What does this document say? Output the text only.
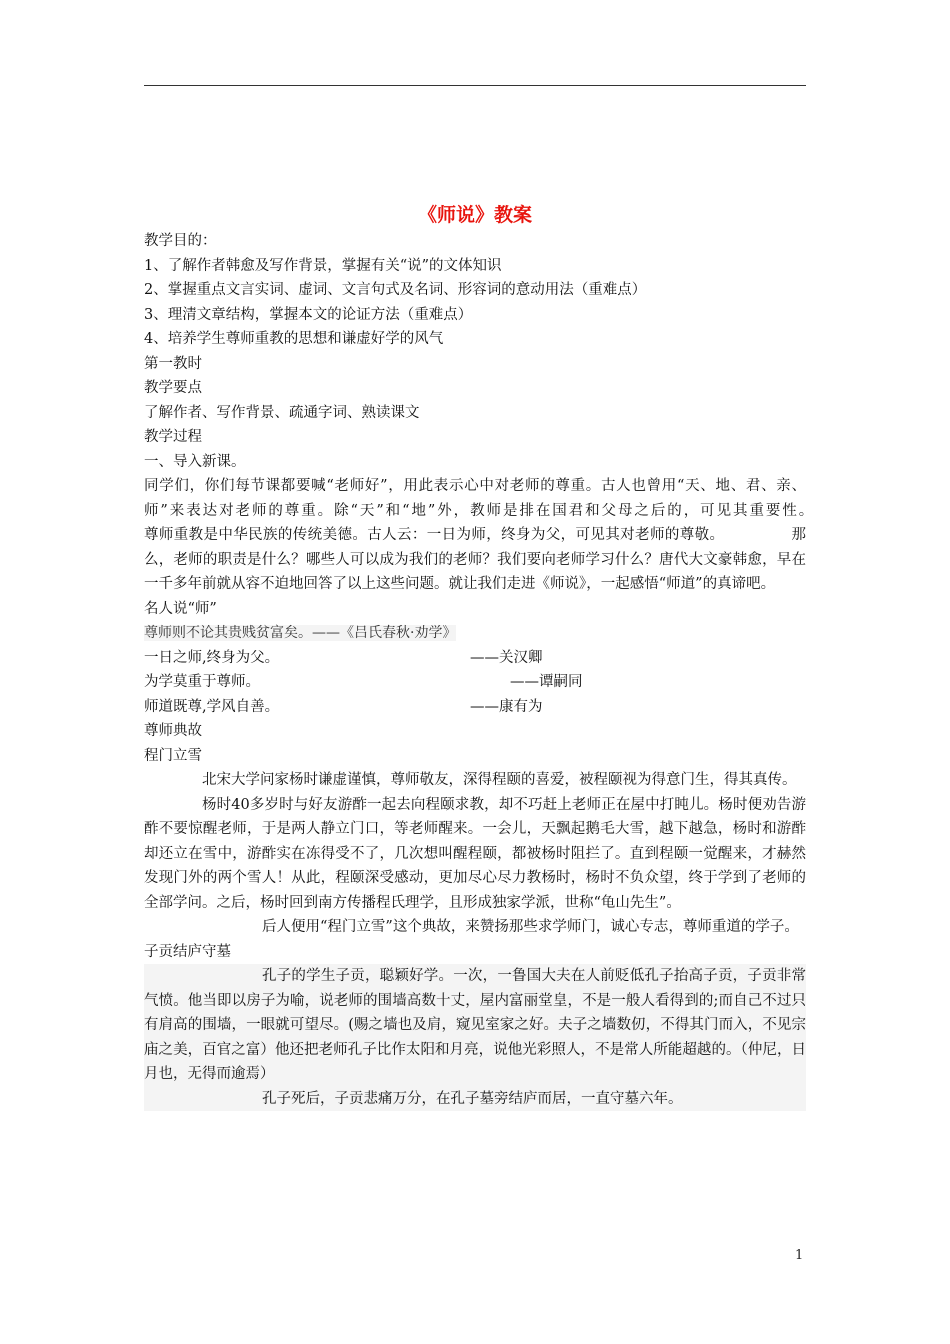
《师说》教案
教学目的：
1、了解作者韩愈及写作背景，掌握有关“说”的文体知识
2、掌握重点文言实词、虚词、文言句式及名词、形容词的意动用法（重难点）
3、理清文章结构，掌握本文的论证方法（重难点）
4、培养学生尊师重教的思想和谦虚好学的风气
第一教时
教学要点
了解作者、写作背景、疏通字词、熟读课文
教学过程
一、导入新课。
同学们，你们每节课都要喊“老师好”，用此表示心中对老师的尊重。古人也曾用“天、地、君、亲、师”来表达对老师的尊重。除“天”和“地”外，教师是排在国君和父母之后的，可见其重要性。　　　　　尊师重教是中华民族的传统美德。古人云：一日为师，终身为父，可见其对老师的尊敬。　　　　　那么，老师的职责是什么？哪些人可以成为我们的老师？我们要向老师学习什么？唐代大文豪韩愈，早在一千多年前就从容不迫地回答了以上这些问题。就让我们走进《师说》，一起感悟“师道”的真谛吧。
名人说“师”
尊师则不论其贵贱贫富矣。——《吕氏春秋·劝学》
一日之师,终身为父。	——关汉卿
为学莫重于尊师。	——谭嗣同
师道既尊,学风自善。	——康有为
尊师典故
程门立雪
北宋大学问家杨时谦虚谨慎，尊师敬友，深得程颐的喜爱，被程颐视为得意门生，得其真传。
杨时40多岁时与好友游酢一起去向程颐求教，却不巧赶上老师正在屋中打盹儿。杨时便劝告游酢不要惊醒老师，于是两人静立门口，等老师醒来。一会儿，天飘起鹅毛大雪，越下越急，杨时和游酢却还立在雪中，游酢实在冻得受不了，几次想叫醒程颐，都被杨时阻拦了。直到程颐一觉醒来，才赫然发现门外的两个雪人！从此，程颐深受感动，更加尽心尽力教杨时，杨时不负众望，终于学到了老师的全部学问。之后，杨时回到南方传播程氏理学，且形成独家学派，世称“龟山先生”。
后人便用“程门立雪”这个典故，来赞扬那些求学师门，诚心专志，尊师重道的学子。
子贡结庐守墓
孔子的学生子贡，聪颖好学。一次，一鲁国大夫在人前贬低孔子抬高子贡，子贡非常气愤。他当即以房子为喻，说老师的围墙高数十丈，屋内富丽堂皇，不是一般人看得到的;而自己不过只有肩高的围墙，一眼就可望尽。(赐之墙也及肩，窥见室家之好。夫子之墙数仞，不得其门而入，不见宗庙之美，百官之富）他还把老师孔子比作太阳和月亮，说他光彩照人，不是常人所能超越的。（仲尼，日月也，无得而逾焉）
孔子死后，子贡悲痛万分，在孔子墓旁结庐而居，一直守墓六年。
1
